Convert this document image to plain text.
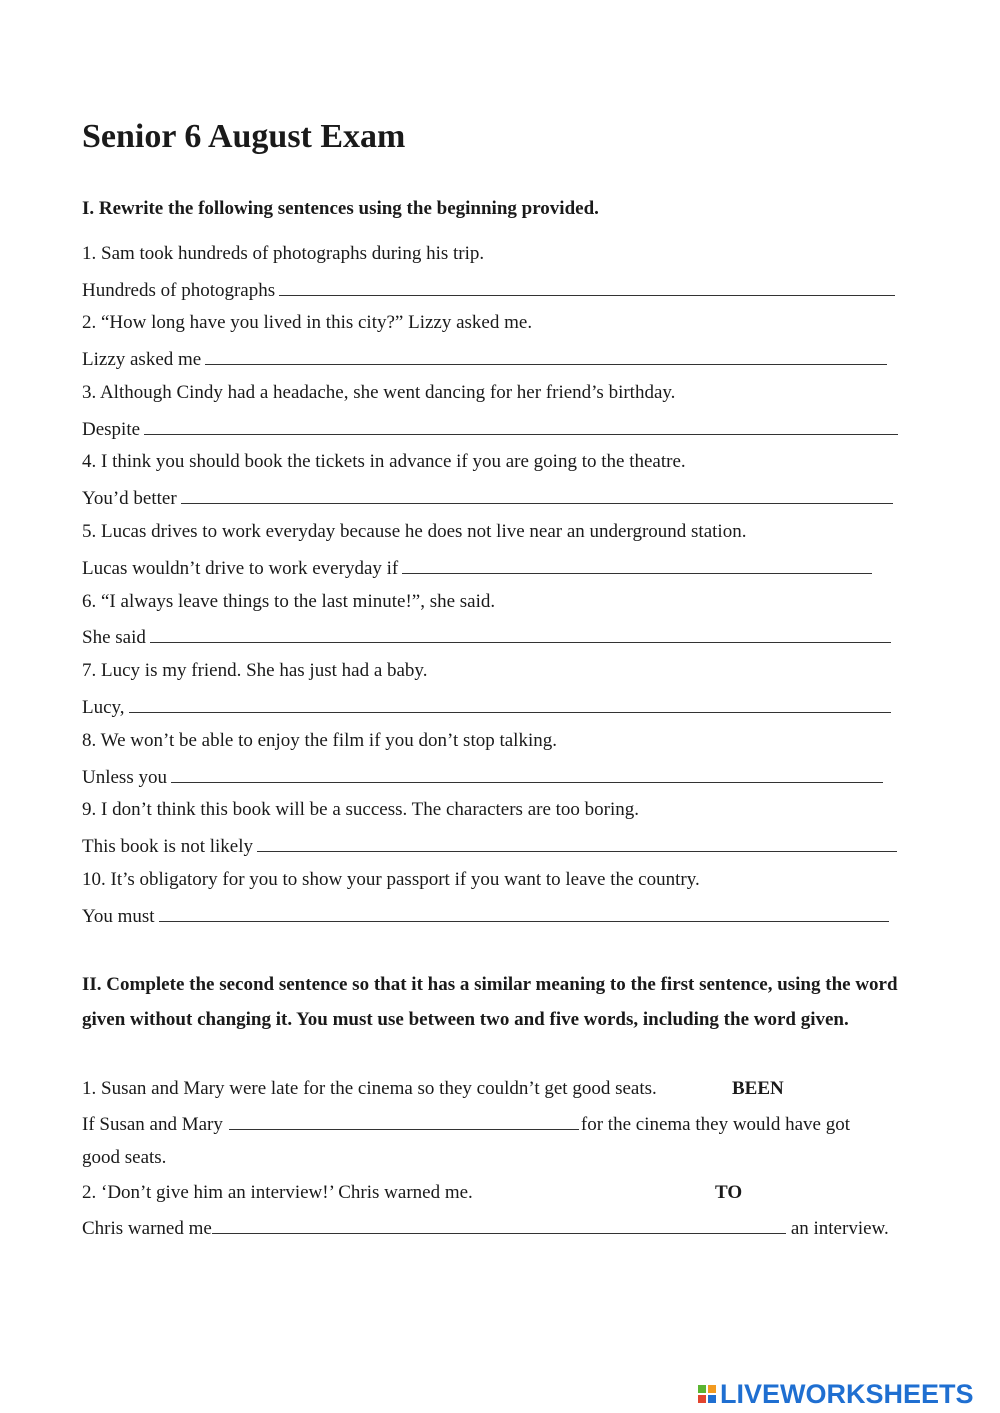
Senior 6 August Exam

I. Rewrite the following sentences using the beginning provided.

1. Sam took hundreds of photographs during his trip.
Hundreds of photographs
2. “How long have you lived in this city?” Lizzy asked me.
Lizzy asked me
3. Although Cindy had a headache, she went dancing for her friend’s birthday.
Despite
4. I think you should book the tickets in advance if you are going to the theatre.
You’d better
5. Lucas drives to work everyday because he does not live near an underground station.
Lucas wouldn’t drive to work everyday if
6. “I always leave things to the last minute!”, she said.
She said
7. Lucy is my friend. She has just had a baby.
Lucy,
8. We won’t be able to enjoy the film if you don’t stop talking.
Unless you
9. I don’t think this book will be a success. The characters are too boring.
This book is not likely
10. It’s obligatory for you to show your passport if you want to leave the country.
You must

II. Complete the second sentence so that it has a similar meaning to the first sentence, using the word given without changing it. You must use between two and five words, including the word given.

1. Susan and Mary were late for the cinema so they couldn’t get good seats.	BEEN
If Susan and Mary	for the cinema they would have got
good seats.
2. ‘Don’t give him an interview!’ Chris warned me.	TO
Chris warned me	an interview.
LIVEWORKSHEETS
